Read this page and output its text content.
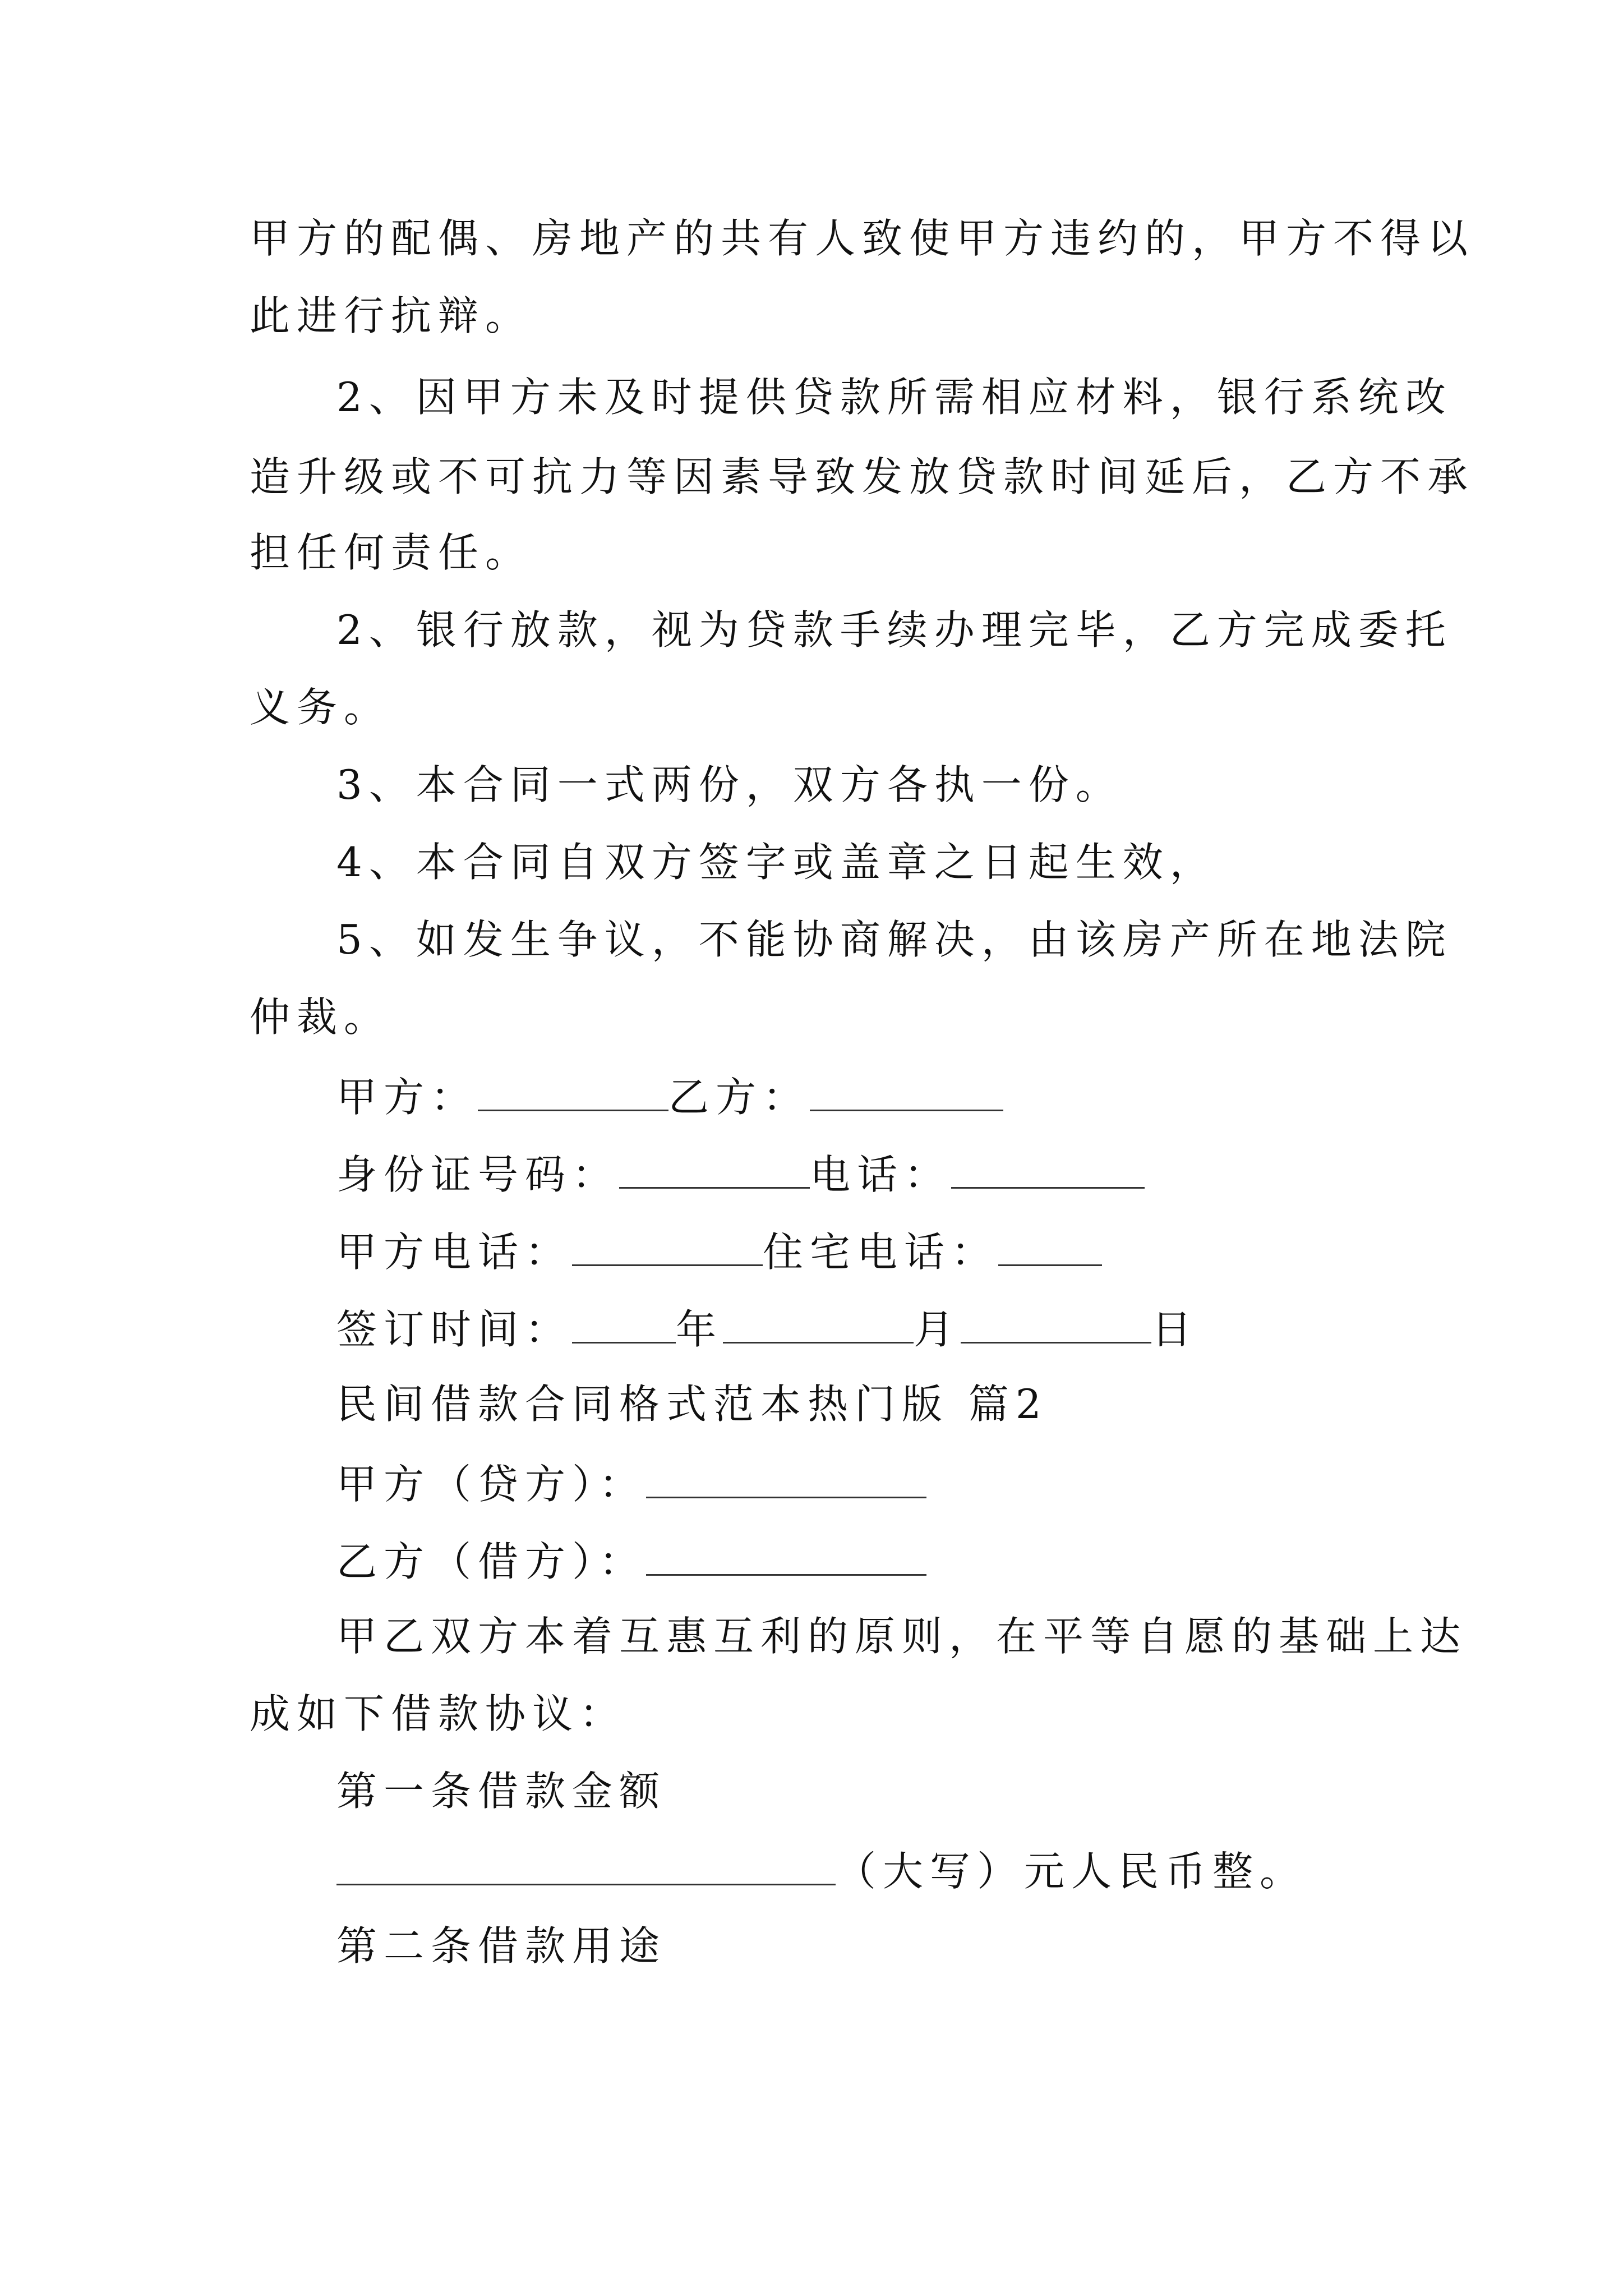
甲方的配偶、房地产的共有人致使甲方违约的，甲方不得以
此进行抗辩。
2、因甲方未及时提供贷款所需相应材料，银行系统改
造升级或不可抗力等因素导致发放贷款时间延后，乙方不承
担任何责任。
2、银行放款，视为贷款手续办理完毕，乙方完成委托
义务。
3、本合同一式两份，双方各执一份。
4、本合同自双方签字或盖章之日起生效，
5、如发生争议，不能协商解决，由该房产所在地法院
仲裁。
甲方：	乙方：
身份证号码：	电话：
甲方电话：	住宅电话：
签订时间：	年	月	日
民间借款合同格式范本热门版 篇2
甲方（贷方）：
乙方（借方）：
甲乙双方本着互惠互利的原则，在平等自愿的基础上达
成如下借款协议：
第一条借款金额
（大写）元人民币整。
第二条借款用途
